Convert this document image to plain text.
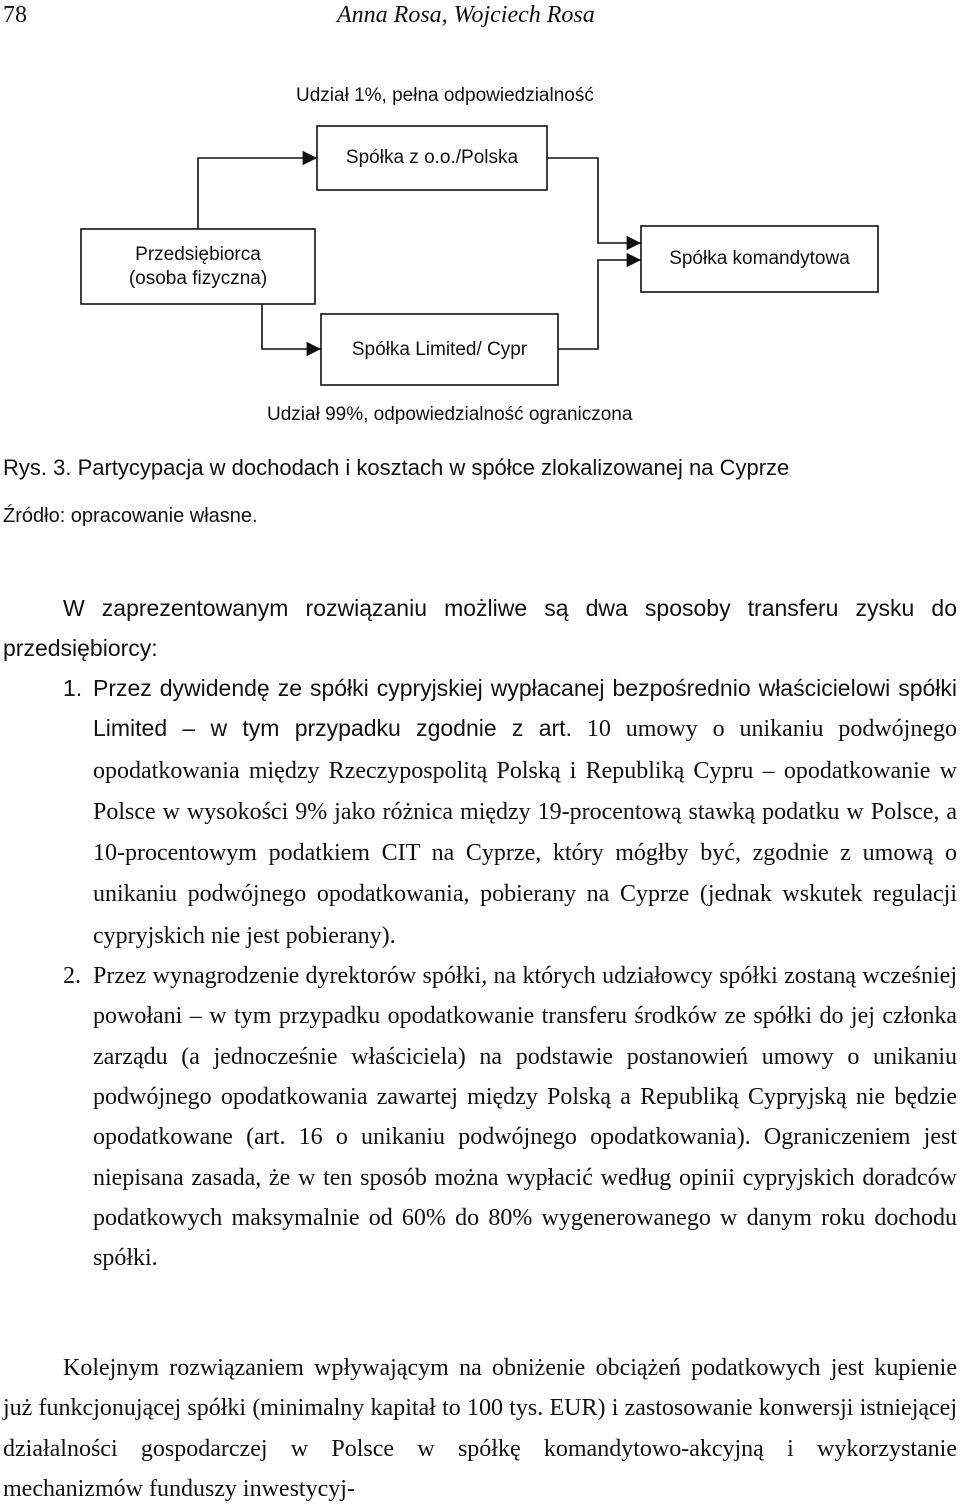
78	Anna Rosa, Wojciech Rosa
Udział 1%, pełna odpowiedzialność
Spółka z o.o./Polska
Przedsiębiorca
(osoba fizyczna)
Spółka komandytowa
Spółka Limited/ Cypr
Udział 99%, odpowiedzialność ograniczona
Rys. 3. Partycypacja w dochodach i kosztach w spółce zlokalizowanej na Cyprze
Źródło: opracowanie własne.
W zaprezentowanym rozwiązaniu możliwe są dwa sposoby transferu zysku do przedsiębiorcy:
1. Przez dywidendę ze spółki cypryjskiej wypłacanej bezpośrednio właścicielowi spółki Limited – w tym przypadku zgodnie z art. 10 umowy o unikaniu podwójnego opodatkowania między Rzeczypospolitą Polską i Republiką Cypru – opodatkowanie w Polsce w wysokości 9% jako różnica między 19-procentową stawką podatku w Polsce, a 10-procentowym podatkiem CIT na Cyprze, który mógłby być, zgodnie z umową o unikaniu podwójnego opodatkowania, pobierany na Cyprze (jednak wskutek regulacji cypryjskich nie jest pobierany).
2. Przez wynagrodzenie dyrektorów spółki, na których udziałowcy spółki zostaną wcześniej powołani – w tym przypadku opodatkowanie transferu środków ze spółki do jej członka zarządu (a jednocześnie właściciela) na podstawie postanowień umowy o unikaniu podwójnego opodatkowania zawartej między Polską a Republiką Cypryjską nie będzie opodatkowane (art. 16 o unikaniu podwójnego opodatkowania). Ograniczeniem jest niepisana zasada, że w ten sposób można wypłacić według opinii cypryjskich doradców podatkowych maksymalnie od 60% do 80% wygenerowanego w danym roku dochodu spółki.
Kolejnym rozwiązaniem wpływającym na obniżenie obciążeń podatkowych jest kupienie już funkcjonującej spółki (minimalny kapitał to 100 tys. EUR) i zastosowanie konwersji istniejącej działalności gospodarczej w Polsce w spółkę komandytowo-akcyjną i wykorzystanie mechanizmów funduszy inwestycyj-
